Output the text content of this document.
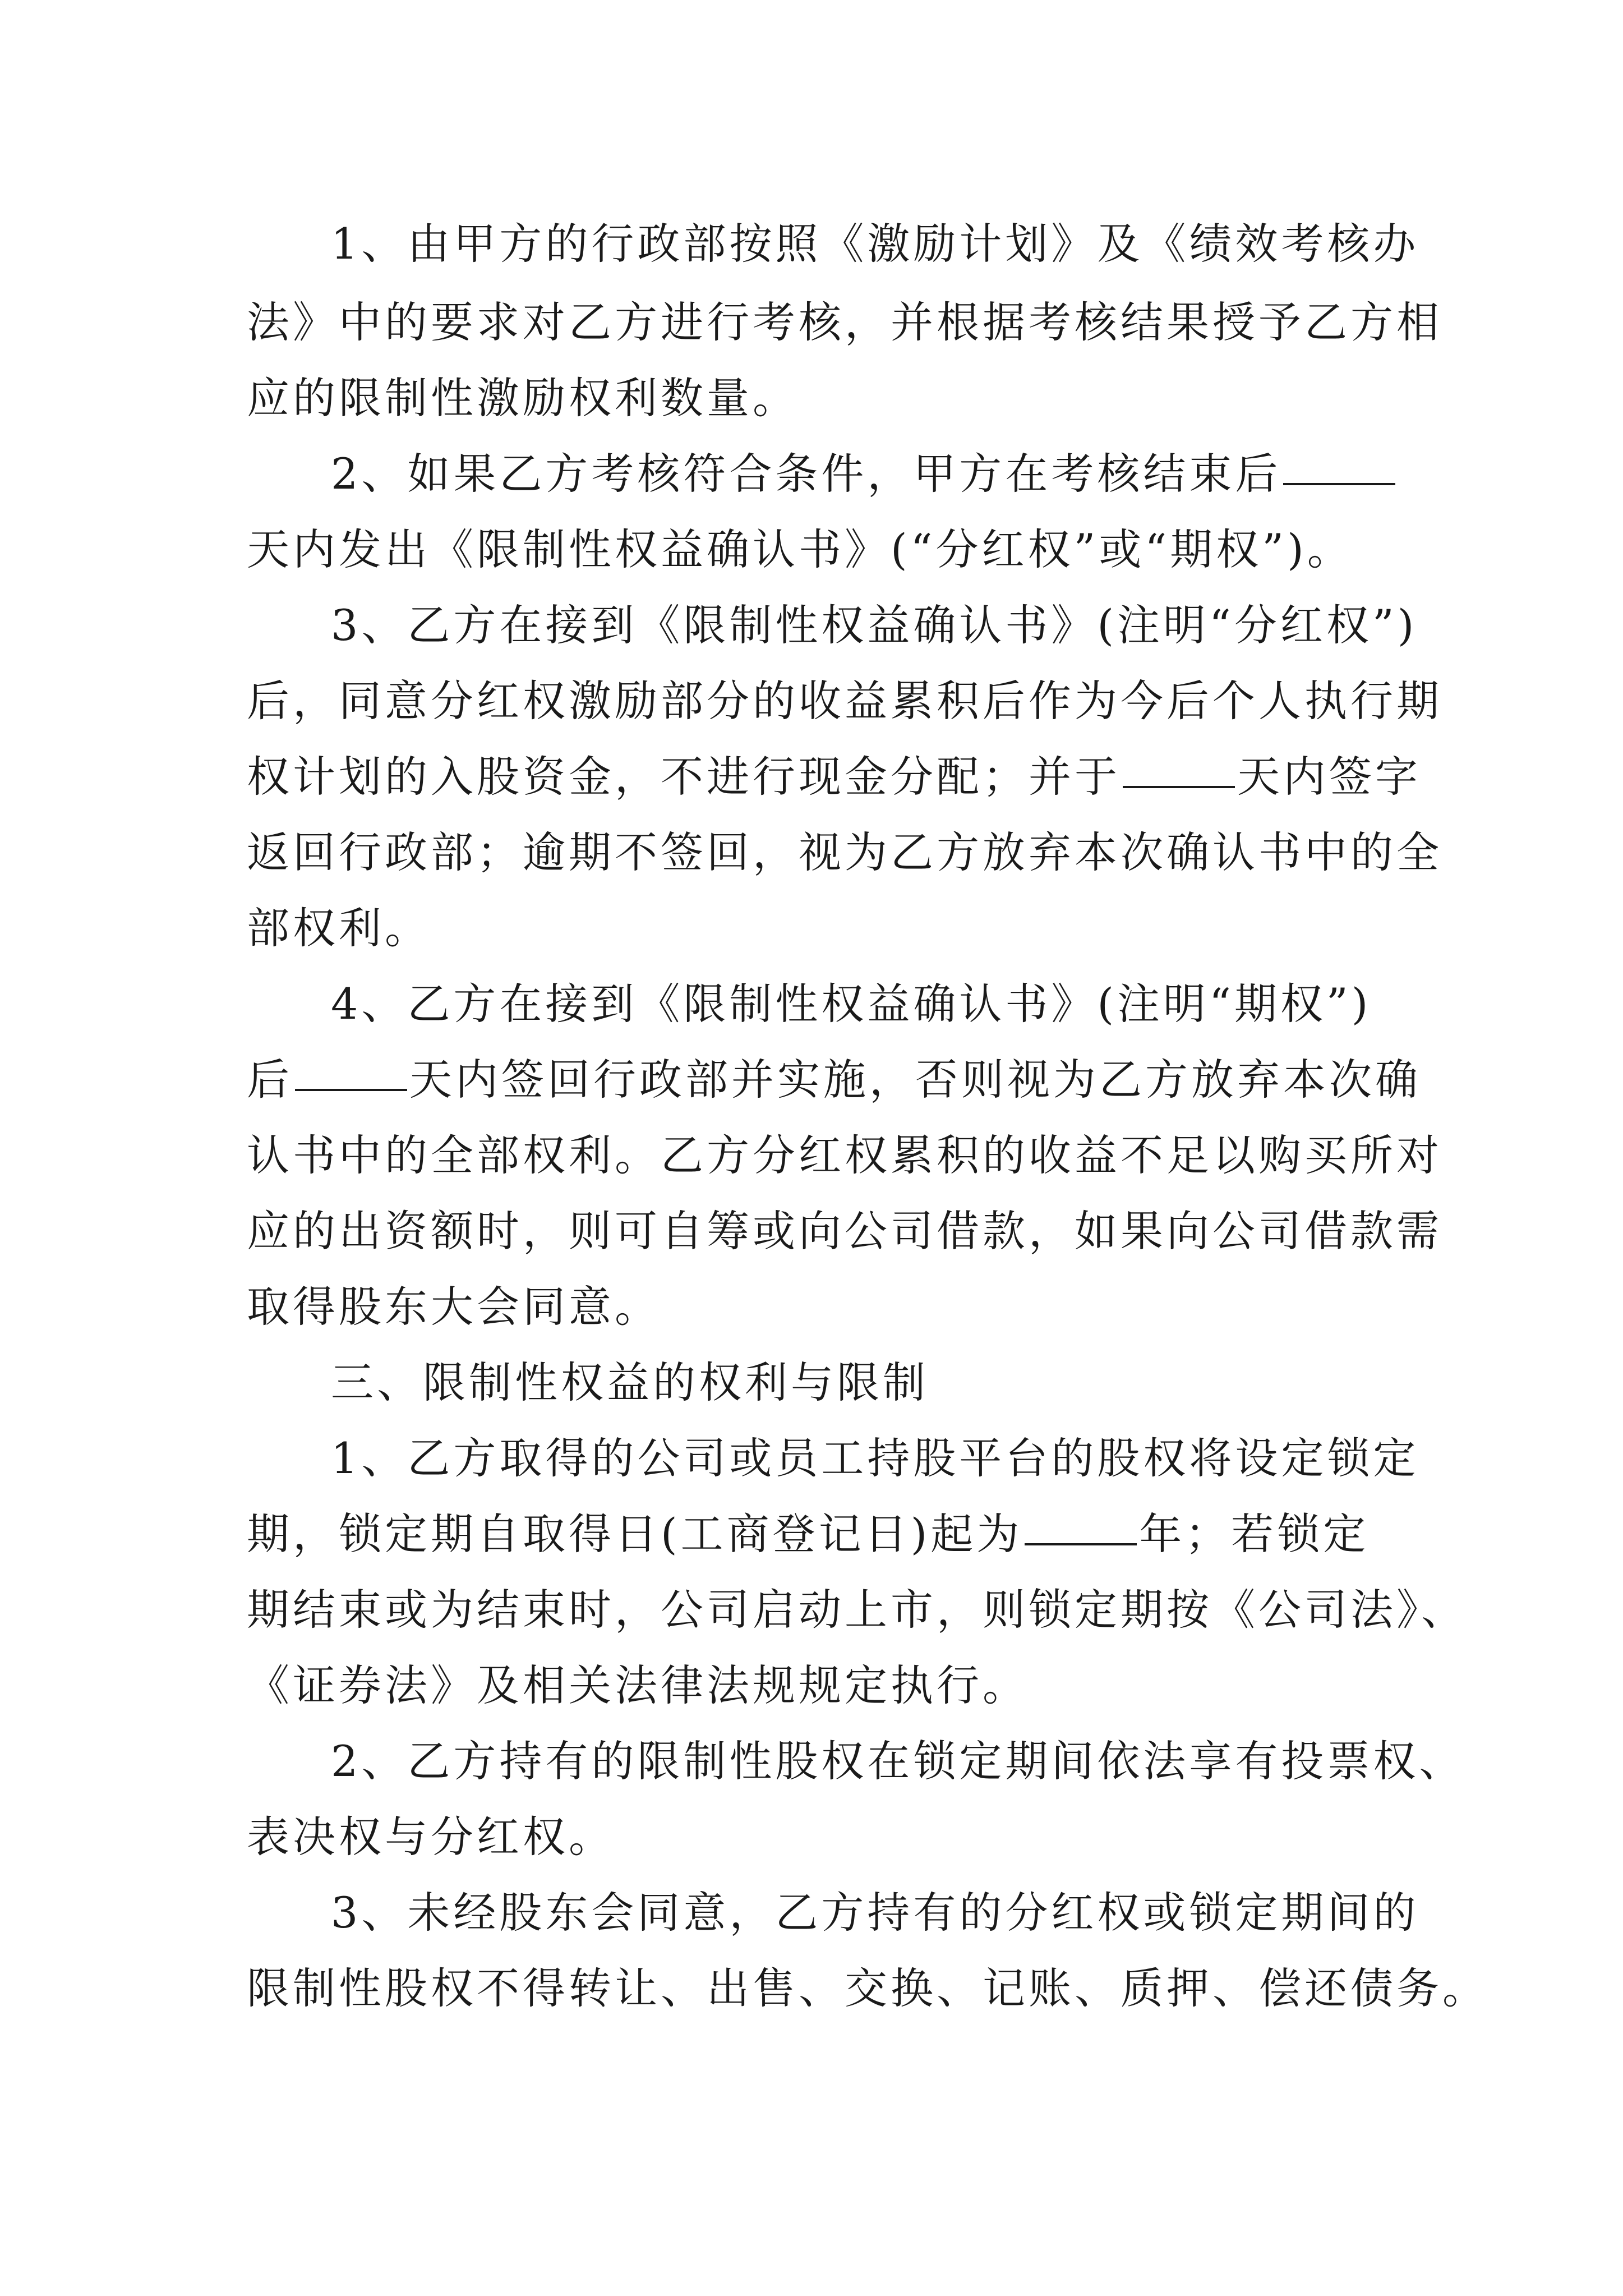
1、由甲方的行政部按照《激励计划》及《绩效考核办
法》中的要求对乙方进行考核，并根据考核结果授予乙方相
应的限制性激励权利数量。
2、如果乙方考核符合条件，甲方在考核结束后
天内发出《限制性权益确认书》(“分红权”或“期权”)。
3、乙方在接到《限制性权益确认书》(注明“分红权”)
后，同意分红权激励部分的收益累积后作为今后个人执行期
权计划的入股资金，不进行现金分配；并于	天内签字
返回行政部；逾期不签回，视为乙方放弃本次确认书中的全
部权利。
4、乙方在接到《限制性权益确认书》(注明“期权”)
后	天内签回行政部并实施，否则视为乙方放弃本次确
认书中的全部权利。乙方分红权累积的收益不足以购买所对
应的出资额时，则可自筹或向公司借款，如果向公司借款需
取得股东大会同意。
三、限制性权益的权利与限制
1、乙方取得的公司或员工持股平台的股权将设定锁定
期，锁定期自取得日(工商登记日)起为	年；若锁定
期结束或为结束时，公司启动上市，则锁定期按《公司法》、
《证券法》及相关法律法规规定执行。
2、乙方持有的限制性股权在锁定期间依法享有投票权、
表决权与分红权。
3、未经股东会同意，乙方持有的分红权或锁定期间的
限制性股权不得转让、出售、交换、记账、质押、偿还债务。
